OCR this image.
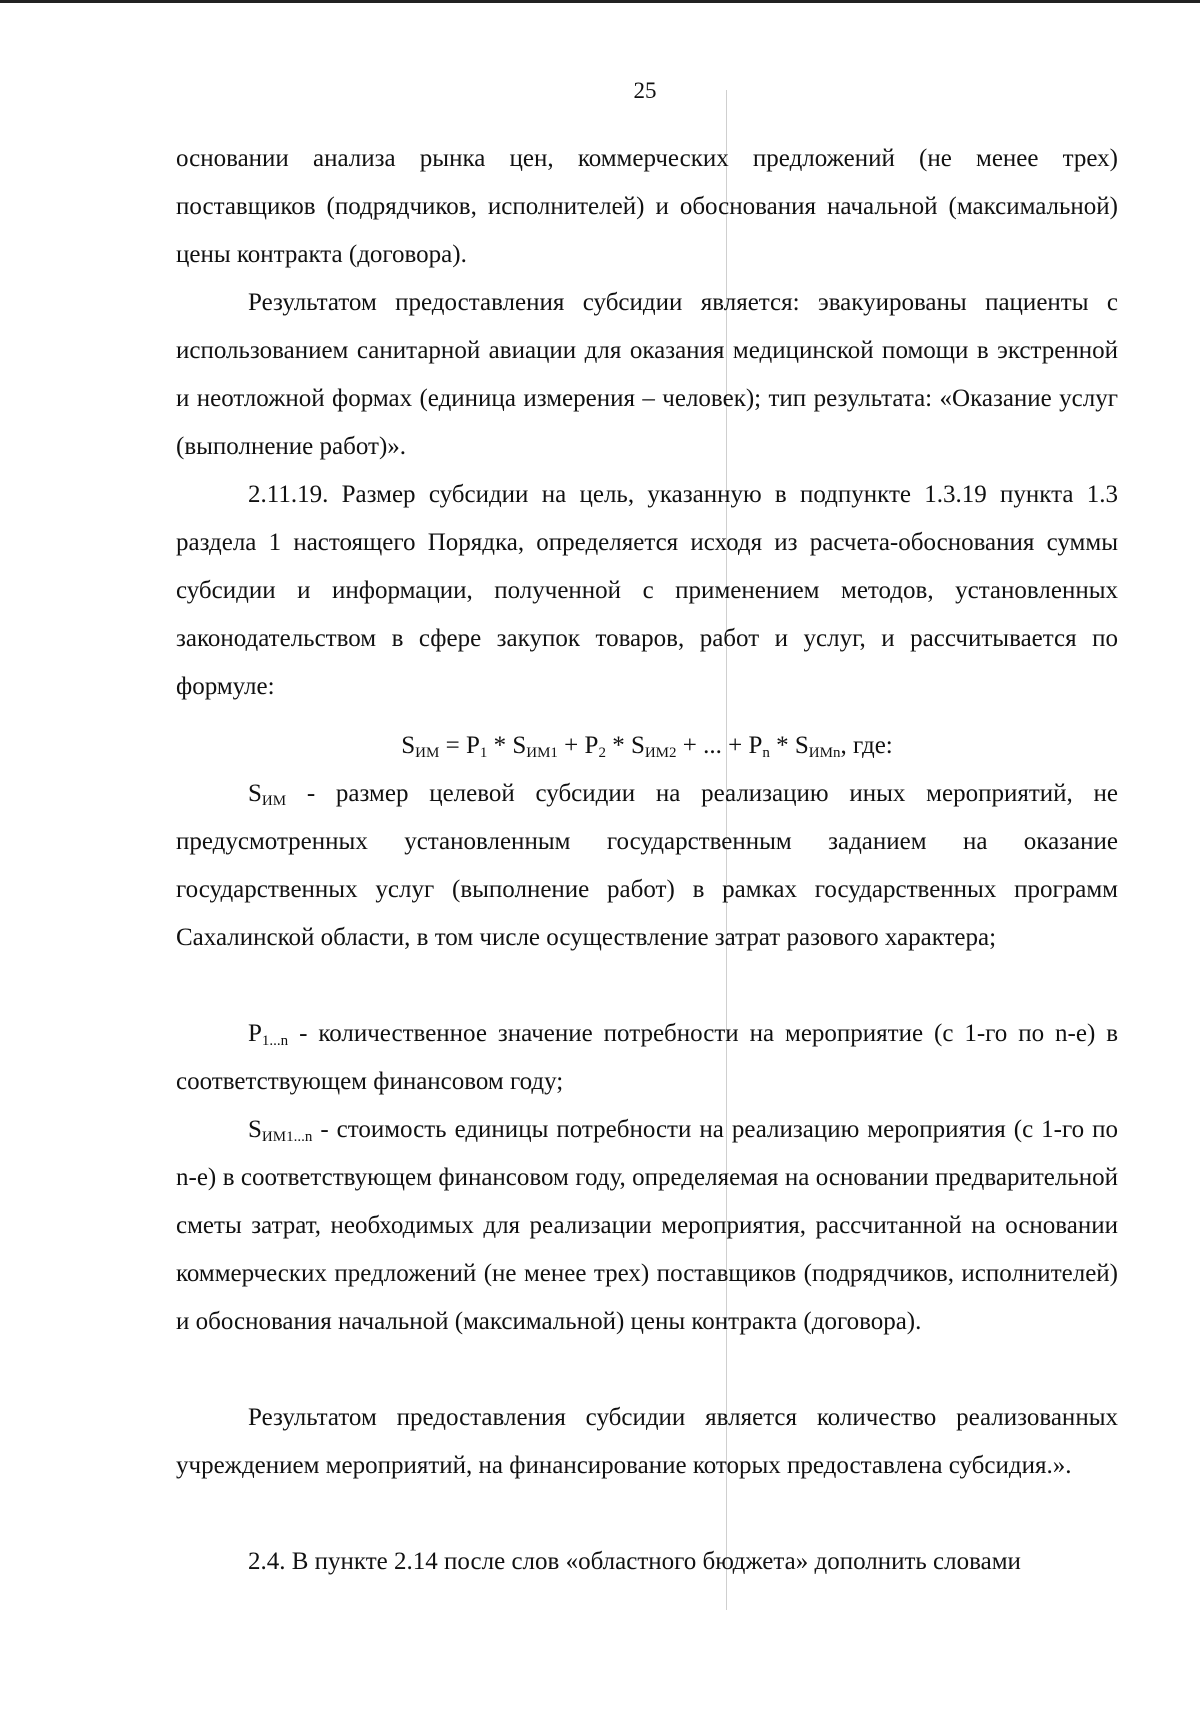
25

основании анализа рынка цен, коммерческих предложений (не менее трех) поставщиков (подрядчиков, исполнителей) и обоснования начальной (максимальной) цены контракта (договора).

Результатом предоставления субсидии является: эвакуированы пациенты с использованием санитарной авиации для оказания медицинской помощи в экстренной и неотложной формах (единица измерения – человек); тип результата: «Оказание услуг (выполнение работ)».

2.11.19. Размер субсидии на цель, указанную в подпункте 1.3.19 пункта 1.3 раздела 1 настоящего Порядка, определяется исходя из расчета-обоснования суммы субсидии и информации, полученной с применением методов, установленных законодательством в сфере закупок товаров, работ и услуг, и рассчитывается по формуле:

$S_{ИМ} = P_1 * S_{ИМ1} + P_2 * S_{ИМ2}$ + ... + $P_n * S_{ИМn}$, где:

$S_{ИМ}$ - размер целевой субсидии на реализацию иных мероприятий, не предусмотренных установленным государственным заданием на оказание государственных услуг (выполнение работ) в рамках государственных программ Сахалинской области, в том числе осуществление затрат разового характера;

$P_{1...n}$ - количественное значение потребности на мероприятие (с 1-го по n-е) в соответствующем финансовом году;

$S_{ИМ1...n}$ - стоимость единицы потребности на реализацию мероприятия (с 1-го по n-е) в соответствующем финансовом году, определяемая на основании предварительной сметы затрат, необходимых для реализации мероприятия, рассчитанной на основании коммерческих предложений (не менее трех) поставщиков (подрядчиков, исполнителей) и обоснования начальной (максимальной) цены контракта (договора).

Результатом предоставления субсидии является количество реализованных учреждением мероприятий, на финансирование которых предоставлена субсидия.».

2.4. В пункте 2.14 после слов «областного бюджета» дополнить словами
